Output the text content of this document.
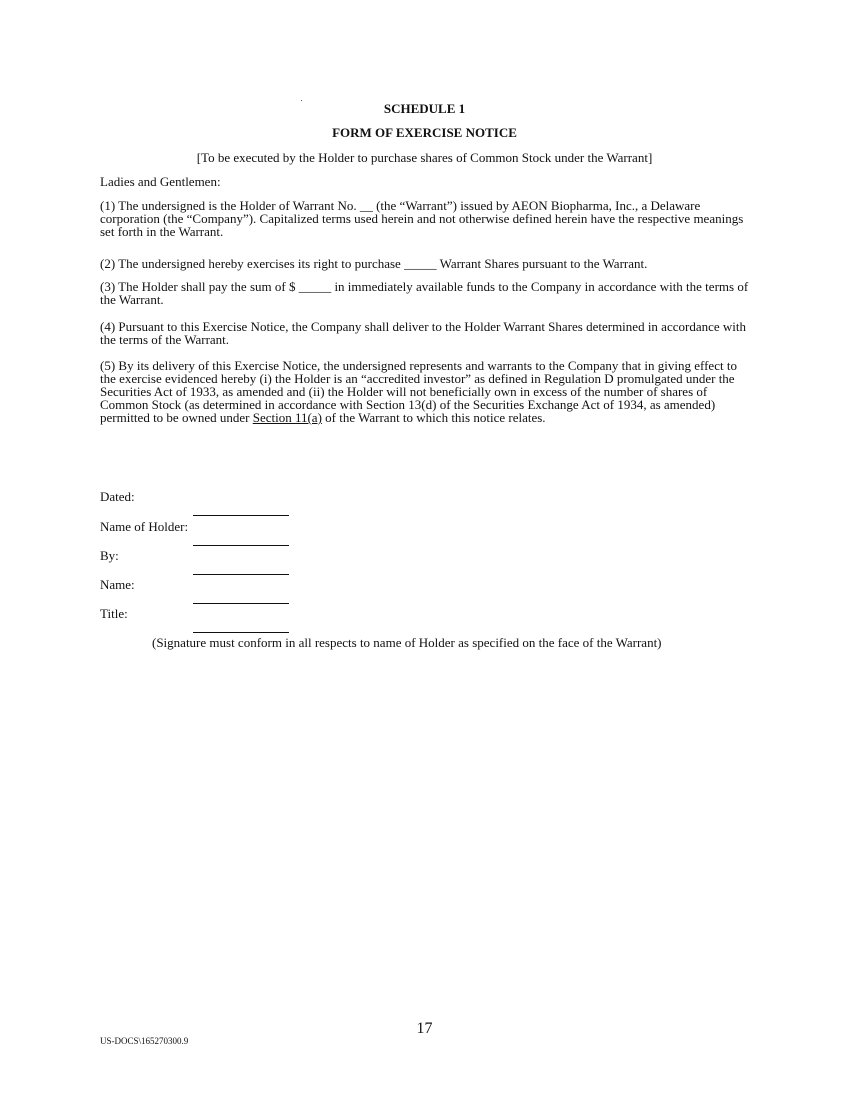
SCHEDULE 1
FORM OF EXERCISE NOTICE
[To be executed by the Holder to purchase shares of Common Stock under the Warrant]
Ladies and Gentlemen:
(1) The undersigned is the Holder of Warrant No. __ (the “Warrant”) issued by AEON Biopharma, Inc., a Delaware corporation (the “Company”). Capitalized terms used herein and not otherwise defined herein have the respective meanings set forth in the Warrant.
(2) The undersigned hereby exercises its right to purchase _____ Warrant Shares pursuant to the Warrant.
(3) The Holder shall pay the sum of $ _____ in immediately available funds to the Company in accordance with the terms of the Warrant.
(4) Pursuant to this Exercise Notice, the Company shall deliver to the Holder Warrant Shares determined in accordance with the terms of the Warrant.
(5) By its delivery of this Exercise Notice, the undersigned represents and warrants to the Company that in giving effect to the exercise evidenced hereby (i) the Holder is an “accredited investor” as defined in Regulation D promulgated under the Securities Act of 1933, as amended and (ii) the Holder will not beneficially own in excess of the number of shares of Common Stock (as determined in accordance with Section 13(d) of the Securities Exchange Act of 1934, as amended) permitted to be owned under Section 11(a) of the Warrant to which this notice relates.
Dated:
Name of Holder:
By:
Name:
Title:
(Signature must conform in all respects to name of Holder as specified on the face of the Warrant)
17
US-DOCS\165270300.9
